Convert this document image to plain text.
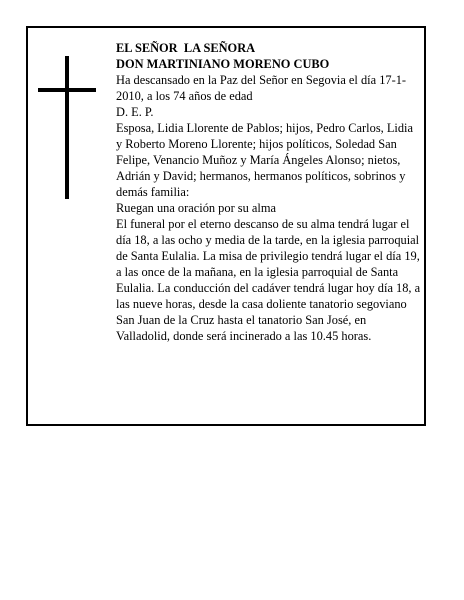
EL SEÑOR  LA SEÑORA

DON MARTINIANO MORENO CUBO

Ha descansado en la Paz del Señor en Segovia el día 17-1-2010, a los 74 años de edad

D. E. P.

Esposa, Lidia Llorente de Pablos; hijos, Pedro Carlos, Lidia y Roberto Moreno Llorente; hijos políticos, Soledad San Felipe, Venancio Muñoz y María Ángeles Alonso; nietos, Adrián y David; hermanos, hermanos políticos, sobrinos y demás familia:

Ruegan una oración por su alma

El funeral por el eterno descanso de su alma tendrá lugar el día 18, a las ocho y media de la tarde, en la iglesia parroquial de Santa Eulalia. La misa de privilegio tendrá lugar el día 19, a las once de la mañana, en la iglesia parroquial de Santa Eulalia. La conducción del cadáver tendrá lugar hoy día 18, a las nueve horas, desde la casa doliente tanatorio segoviano San Juan de la Cruz hasta el tanatorio San José, en Valladolid, donde será incinerado a las 10.45 horas.
